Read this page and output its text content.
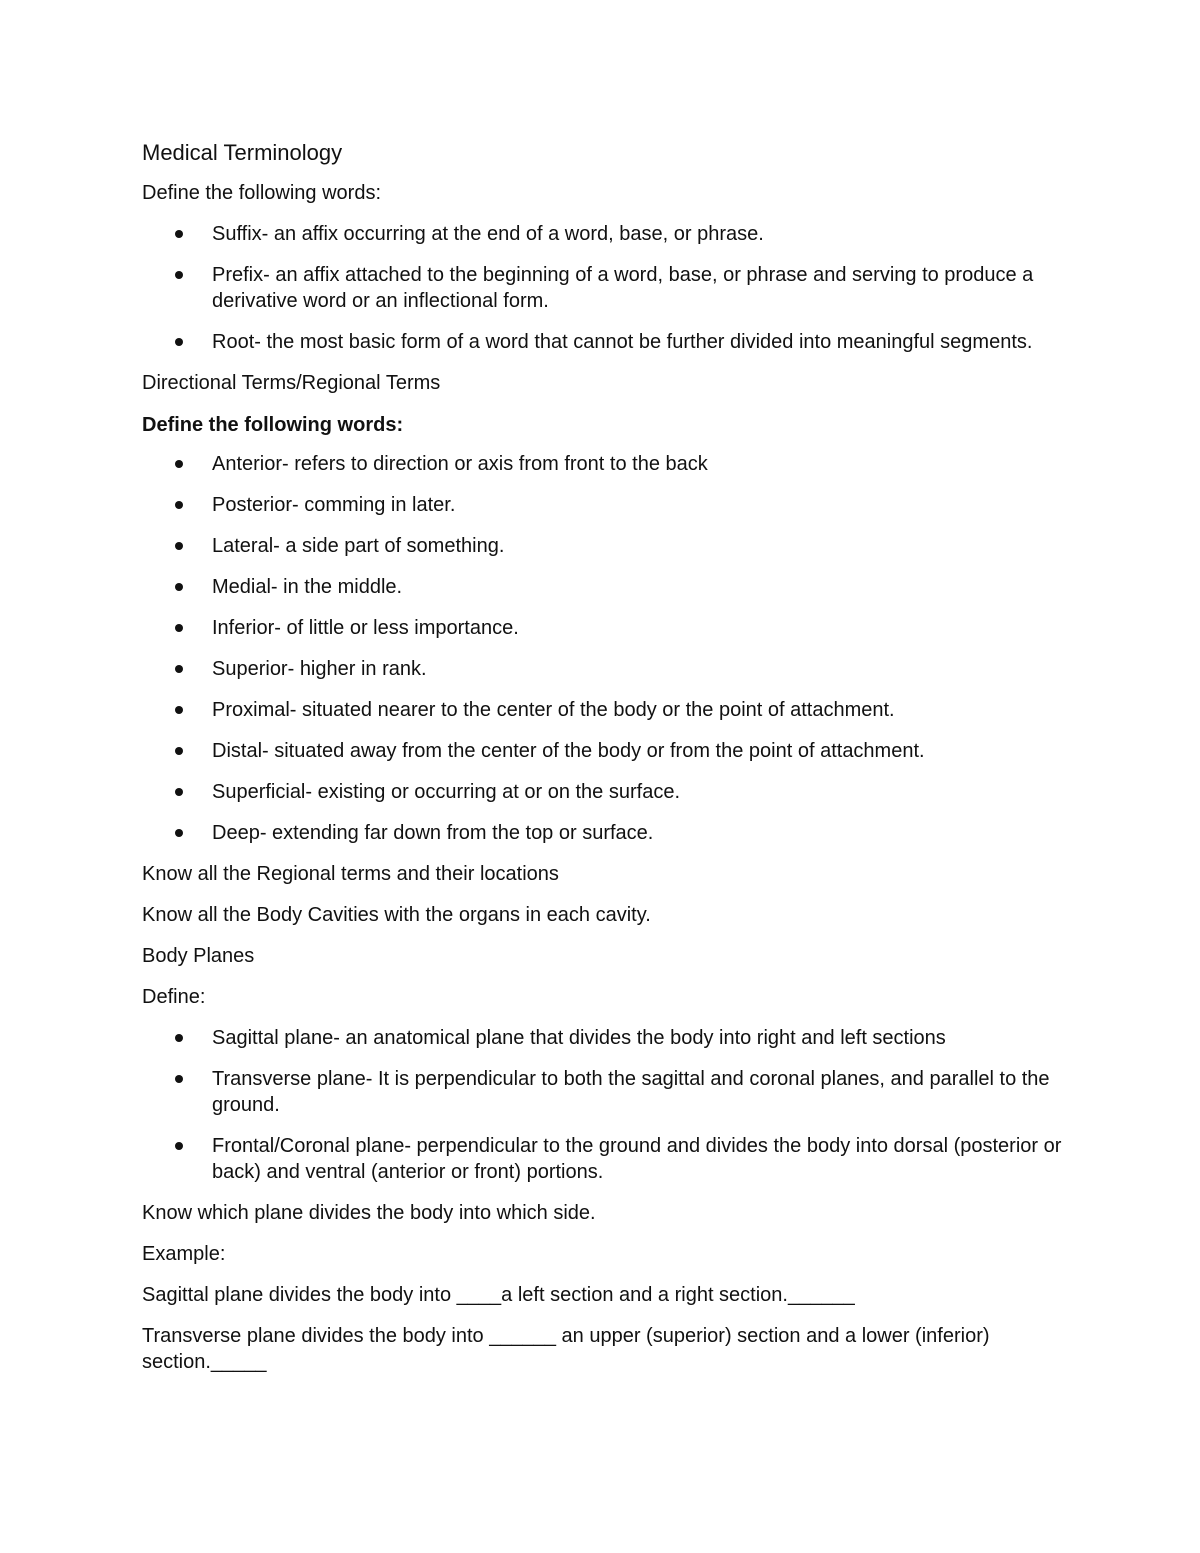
Medical Terminology
Define the following words:
Suffix- an affix occurring at the end of a word, base, or phrase.
Prefix- an affix attached to the beginning of a word, base, or phrase and serving to produce a derivative word or an inflectional form.
Root- the most basic form of a word that cannot be further divided into meaningful segments.
Directional Terms/Regional Terms
Define the following words:
Anterior- refers to direction or axis from front to the back
Posterior- comming in later.
Lateral- a side part of something.
Medial- in the middle.
Inferior- of little or less importance.
Superior- higher in rank.
Proximal- situated nearer to the center of the body or the point of attachment.
Distal- situated away from the center of the body or from the point of attachment.
Superficial- existing or occurring at or on the surface.
Deep- extending far down from the top or surface.
Know all the Regional terms and their locations
Know all the Body Cavities with the organs in each cavity.
Body Planes
Define:
Sagittal plane- an anatomical plane that divides the body into right and left sections
Transverse plane- It is perpendicular to both the sagittal and coronal planes, and parallel to the ground.
Frontal/Coronal plane- perpendicular to the ground and divides the body into dorsal (posterior or back) and ventral (anterior or front) portions.
Know which plane divides the body into which side.
Example:
Sagittal plane divides the body into ____a left section and a right section.______
Transverse plane divides the body into ______ an upper (superior) section and a lower (inferior) section._____
